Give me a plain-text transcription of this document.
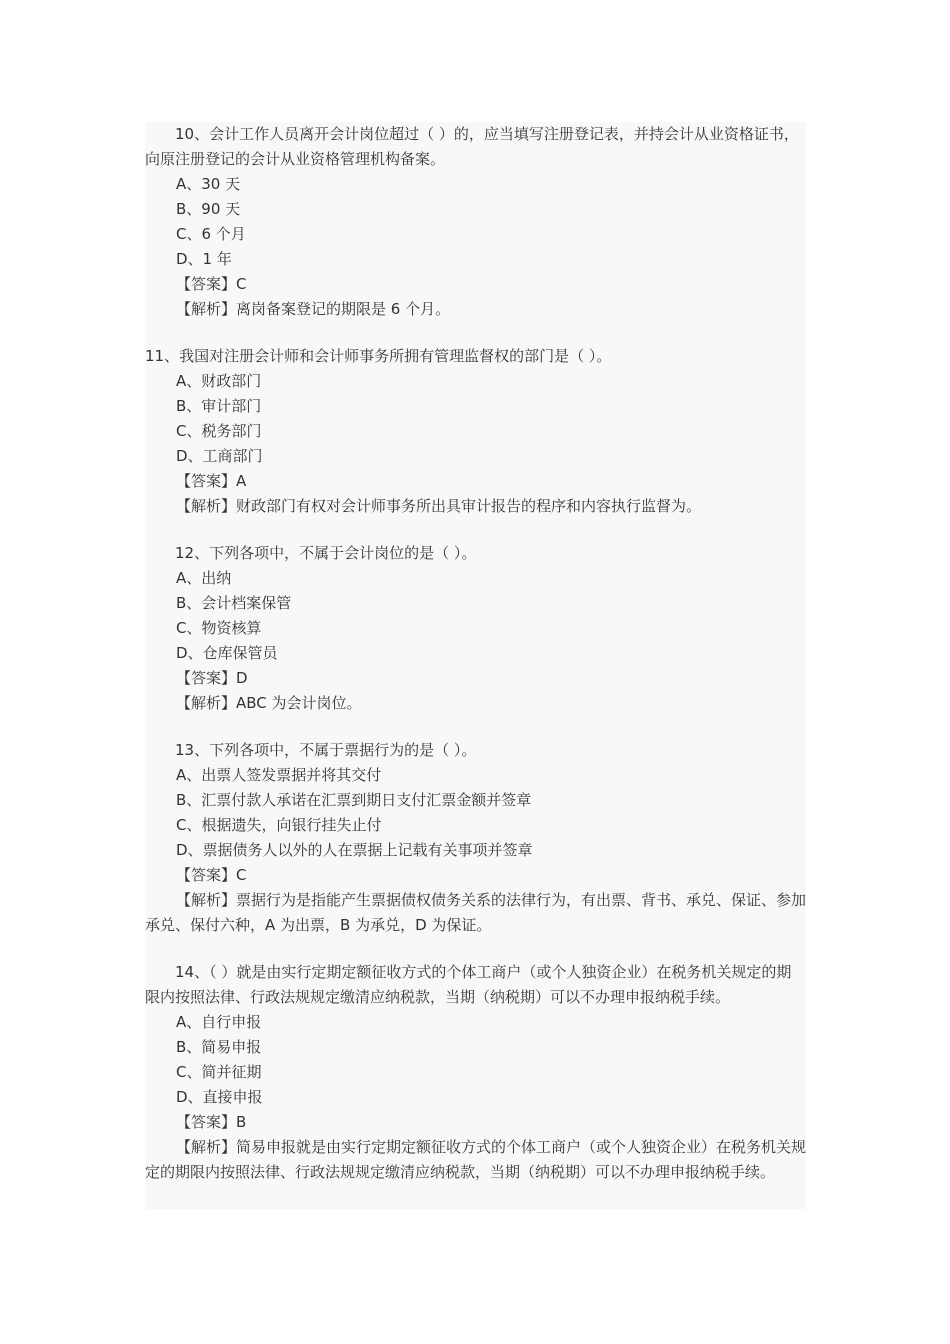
10、会计工作人员离开会计岗位超过（ ）的，应当填写注册登记表，并持会计从业资格证书，向原注册登记的会计从业资格管理机构备案。

A、30 天

B、90 天

C、6 个月

D、1 年

【答案】C

【解析】离岗备案登记的期限是 6 个月。

11、我国对注册会计师和会计师事务所拥有管理监督权的部门是（ ）。

A、财政部门

B、审计部门

C、税务部门

D、工商部门

【答案】A

【解析】财政部门有权对会计师事务所出具审计报告的程序和内容执行监督为。

12、下列各项中，不属于会计岗位的是（ ）。

A、出纳

B、会计档案保管

C、物资核算

D、仓库保管员

【答案】D

【解析】ABC 为会计岗位。

13、下列各项中，不属于票据行为的是（ ）。

A、出票人签发票据并将其交付

B、汇票付款人承诺在汇票到期日支付汇票金额并签章

C、根据遗失，向银行挂失止付

D、票据债务人以外的人在票据上记载有关事项并签章

【答案】C

【解析】票据行为是指能产生票据债权债务关系的法律行为，有出票、背书、承兑、保证、参加承兑、保付六种，A 为出票，B 为承兑，D 为保证。

14、（ ）就是由实行定期定额征收方式的个体工商户（或个人独资企业）在税务机关规定的期限内按照法律、行政法规规定缴清应纳税款，当期（纳税期）可以不办理申报纳税手续。

A、自行申报

B、简易申报

C、简并征期

D、直接申报

【答案】B

【解析】简易申报就是由实行定期定额征收方式的个体工商户（或个人独资企业）在税务机关规定的期限内按照法律、行政法规规定缴清应纳税款，当期（纳税期）可以不办理申报纳税手续。
